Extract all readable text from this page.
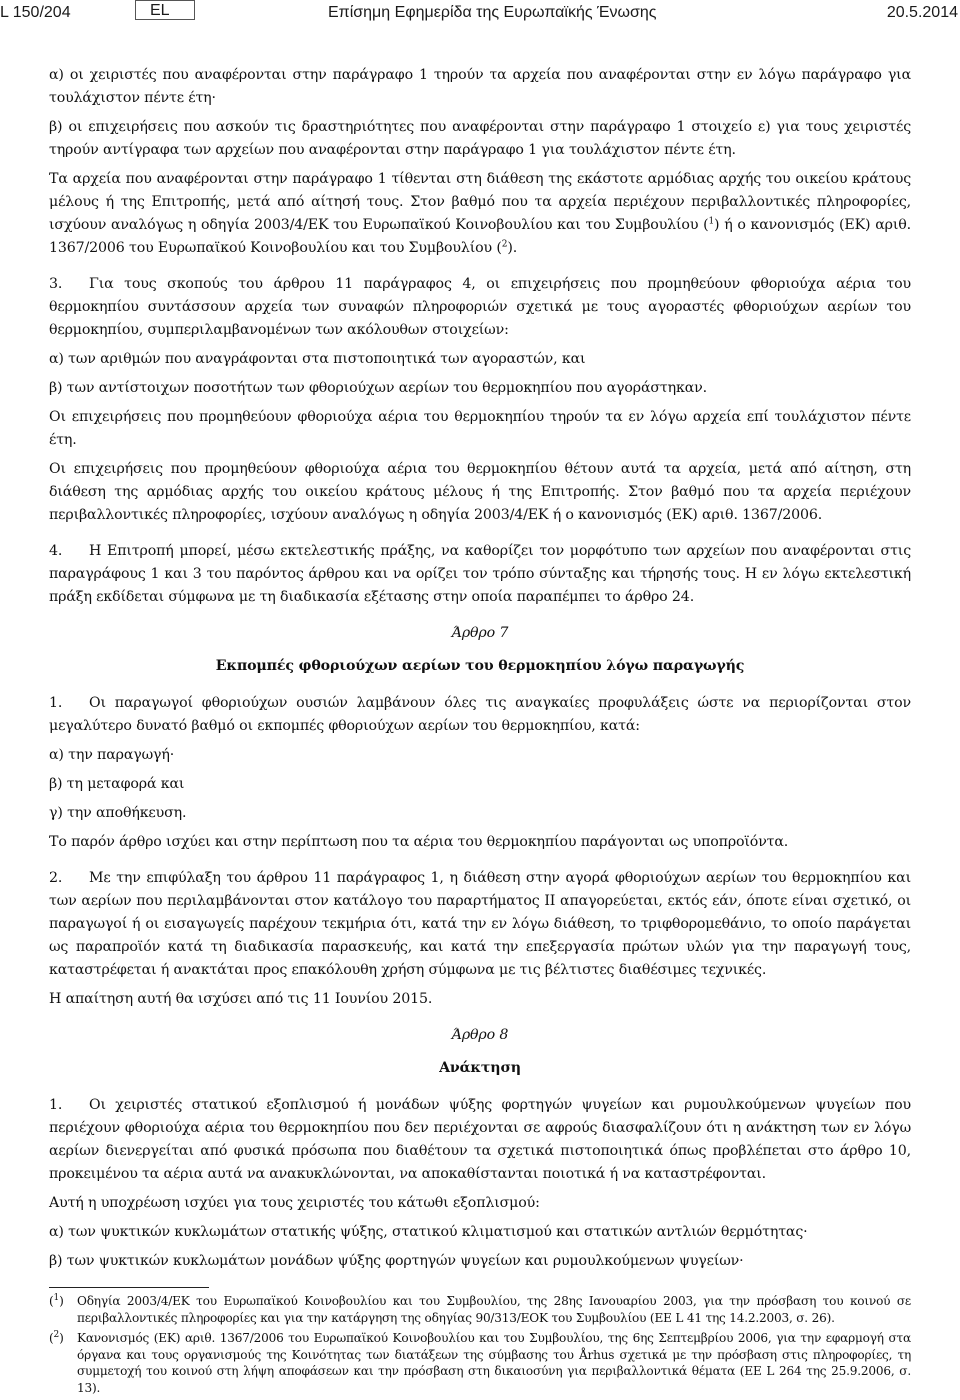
L 150/204	EL	Επίσημη Εφημερίδα της Ευρωπαϊκής Ένωσης	20.5.2014

α) οι χειριστές που αναφέρονται στην παράγραφο 1 τηρούν τα αρχεία που αναφέρονται στην εν λόγω παράγραφο για τουλάχιστον πέντε έτη·

β) οι επιχειρήσεις που ασκούν τις δραστηριότητες που αναφέρονται στην παράγραφο 1 στοιχείο ε) για τους χειριστές τηρούν αντίγραφα των αρχείων που αναφέρονται στην παράγραφο 1 για τουλάχιστον πέντε έτη.

Τα αρχεία που αναφέρονται στην παράγραφο 1 τίθενται στη διάθεση της εκάστοτε αρμόδιας αρχής του οικείου κράτους μέλους ή της Επιτροπής, μετά από αίτησή τους. Στον βαθμό που τα αρχεία περιέχουν περιβαλλοντικές πληροφορίες, ισχύουν αναλόγως η οδηγία 2003/4/ΕΚ του Ευρωπαϊκού Κοινοβουλίου και του Συμβουλίου ($^1$) ή ο κανονισμός (ΕΚ) αριθ. 1367/2006 του Ευρωπαϊκού Κοινοβουλίου και του Συμβουλίου ($^2$).

3. Για τους σκοπούς του άρθρου 11 παράγραφος 4, οι επιχειρήσεις που προμηθεύουν φθοριούχα αέρια του θερμοκηπίου συντάσσουν αρχεία των συναφών πληροφοριών σχετικά με τους αγοραστές φθοριούχων αερίων του θερμοκηπίου, συμπεριλαμβανομένων των ακόλουθων στοιχείων:

α) των αριθμών που αναγράφονται στα πιστοποιητικά των αγοραστών, και

β) των αντίστοιχων ποσοτήτων των φθοριούχων αερίων του θερμοκηπίου που αγοράστηκαν.

Οι επιχειρήσεις που προμηθεύουν φθοριούχα αέρια του θερμοκηπίου τηρούν τα εν λόγω αρχεία επί τουλάχιστον πέντε έτη.

Οι επιχειρήσεις που προμηθεύουν φθοριούχα αέρια του θερμοκηπίου θέτουν αυτά τα αρχεία, μετά από αίτηση, στη διάθεση της αρμόδιας αρχής του οικείου κράτους μέλους ή της Επιτροπής. Στον βαθμό που τα αρχεία περιέχουν περιβαλλοντικές πληροφορίες, ισχύουν αναλόγως η οδηγία 2003/4/ΕΚ ή ο κανονισμός (ΕΚ) αριθ. 1367/2006.

4. Η Επιτροπή μπορεί, μέσω εκτελεστικής πράξης, να καθορίζει τον μορφότυπο των αρχείων που αναφέρονται στις παραγράφους 1 και 3 του παρόντος άρθρου και να ορίζει τον τρόπο σύνταξης και τήρησής τους. Η εν λόγω εκτελεστική πράξη εκδίδεται σύμφωνα με τη διαδικασία εξέτασης στην οποία παραπέμπει το άρθρο 24.

Άρθρο 7

Εκπομπές φθοριούχων αερίων του θερμοκηπίου λόγω παραγωγής

1. Οι παραγωγοί φθοριούχων ουσιών λαμβάνουν όλες τις αναγκαίες προφυλάξεις ώστε να περιορίζονται στον μεγαλύτερο δυνατό βαθμό οι εκπομπές φθοριούχων αερίων του θερμοκηπίου, κατά:

α) την παραγωγή·

β) τη μεταφορά και

γ) την αποθήκευση.

Το παρόν άρθρο ισχύει και στην περίπτωση που τα αέρια του θερμοκηπίου παράγονται ως υποπροϊόντα.

2. Με την επιφύλαξη του άρθρου 11 παράγραφος 1, η διάθεση στην αγορά φθοριούχων αερίων του θερμοκηπίου και των αερίων που περιλαμβάνονται στον κατάλογο του παραρτήματος II απαγορεύεται, εκτός εάν, όποτε είναι σχετικό, οι παραγωγοί ή οι εισαγωγείς παρέχουν τεκμήρια ότι, κατά την εν λόγω διάθεση, το τριφθορομεθάνιο, το οποίο παράγεται ως παραπροϊόν κατά τη διαδικασία παρασκευής, και κατά την επεξεργασία πρώτων υλών για την παραγωγή τους, καταστρέφεται ή ανακτάται προς επακόλουθη χρήση σύμφωνα με τις βέλτιστες διαθέσιμες τεχνικές.

Η απαίτηση αυτή θα ισχύσει από τις 11 Ιουνίου 2015.

Άρθρο 8

Ανάκτηση

1. Οι χειριστές στατικού εξοπλισμού ή μονάδων ψύξης φορτηγών ψυγείων και ρυμουλκούμενων ψυγείων που περιέχουν φθοριούχα αέρια του θερμοκηπίου που δεν περιέχονται σε αφρούς διασφαλίζουν ότι η ανάκτηση των εν λόγω αερίων διενεργείται από φυσικά πρόσωπα που διαθέτουν τα σχετικά πιστοποιητικά όπως προβλέπεται στο άρθρο 10, προκειμένου τα αέρια αυτά να ανακυκλώνονται, να αποκαθίστανται ποιοτικά ή να καταστρέφονται.

Αυτή η υποχρέωση ισχύει για τους χειριστές του κάτωθι εξοπλισμού:

α) των ψυκτικών κυκλωμάτων στατικής ψύξης, στατικού κλιματισμού και στατικών αντλιών θερμότητας·

β) των ψυκτικών κυκλωμάτων μονάδων ψύξης φορτηγών ψυγείων και ρυμουλκούμενων ψυγείων·

($^1$) Οδηγία 2003/4/ΕΚ του Ευρωπαϊκού Κοινοβουλίου και του Συμβουλίου, της 28ης Ιανουαρίου 2003, για την πρόσβαση του κοινού σε περιβαλλοντικές πληροφορίες και για την κατάργηση της οδηγίας 90/313/ΕΟΚ του Συμβουλίου (ΕΕ L 41 της 14.2.2003, σ. 26).

($^2$) Κανονισμός (ΕΚ) αριθ. 1367/2006 του Ευρωπαϊκού Κοινοβουλίου και του Συμβουλίου, της 6ης Σεπτεμβρίου 2006, για την εφαρμογή στα όργανα και τους οργανισμούς της Κοινότητας των διατάξεων της σύμβασης του Århus σχετικά με την πρόσβαση στις πληροφορίες, τη συμμετοχή του κοινού στη λήψη αποφάσεων και την πρόσβαση στη δικαιοσύνη για περιβαλλοντικά θέματα (ΕΕ L 264 της 25.9.2006, σ. 13).
